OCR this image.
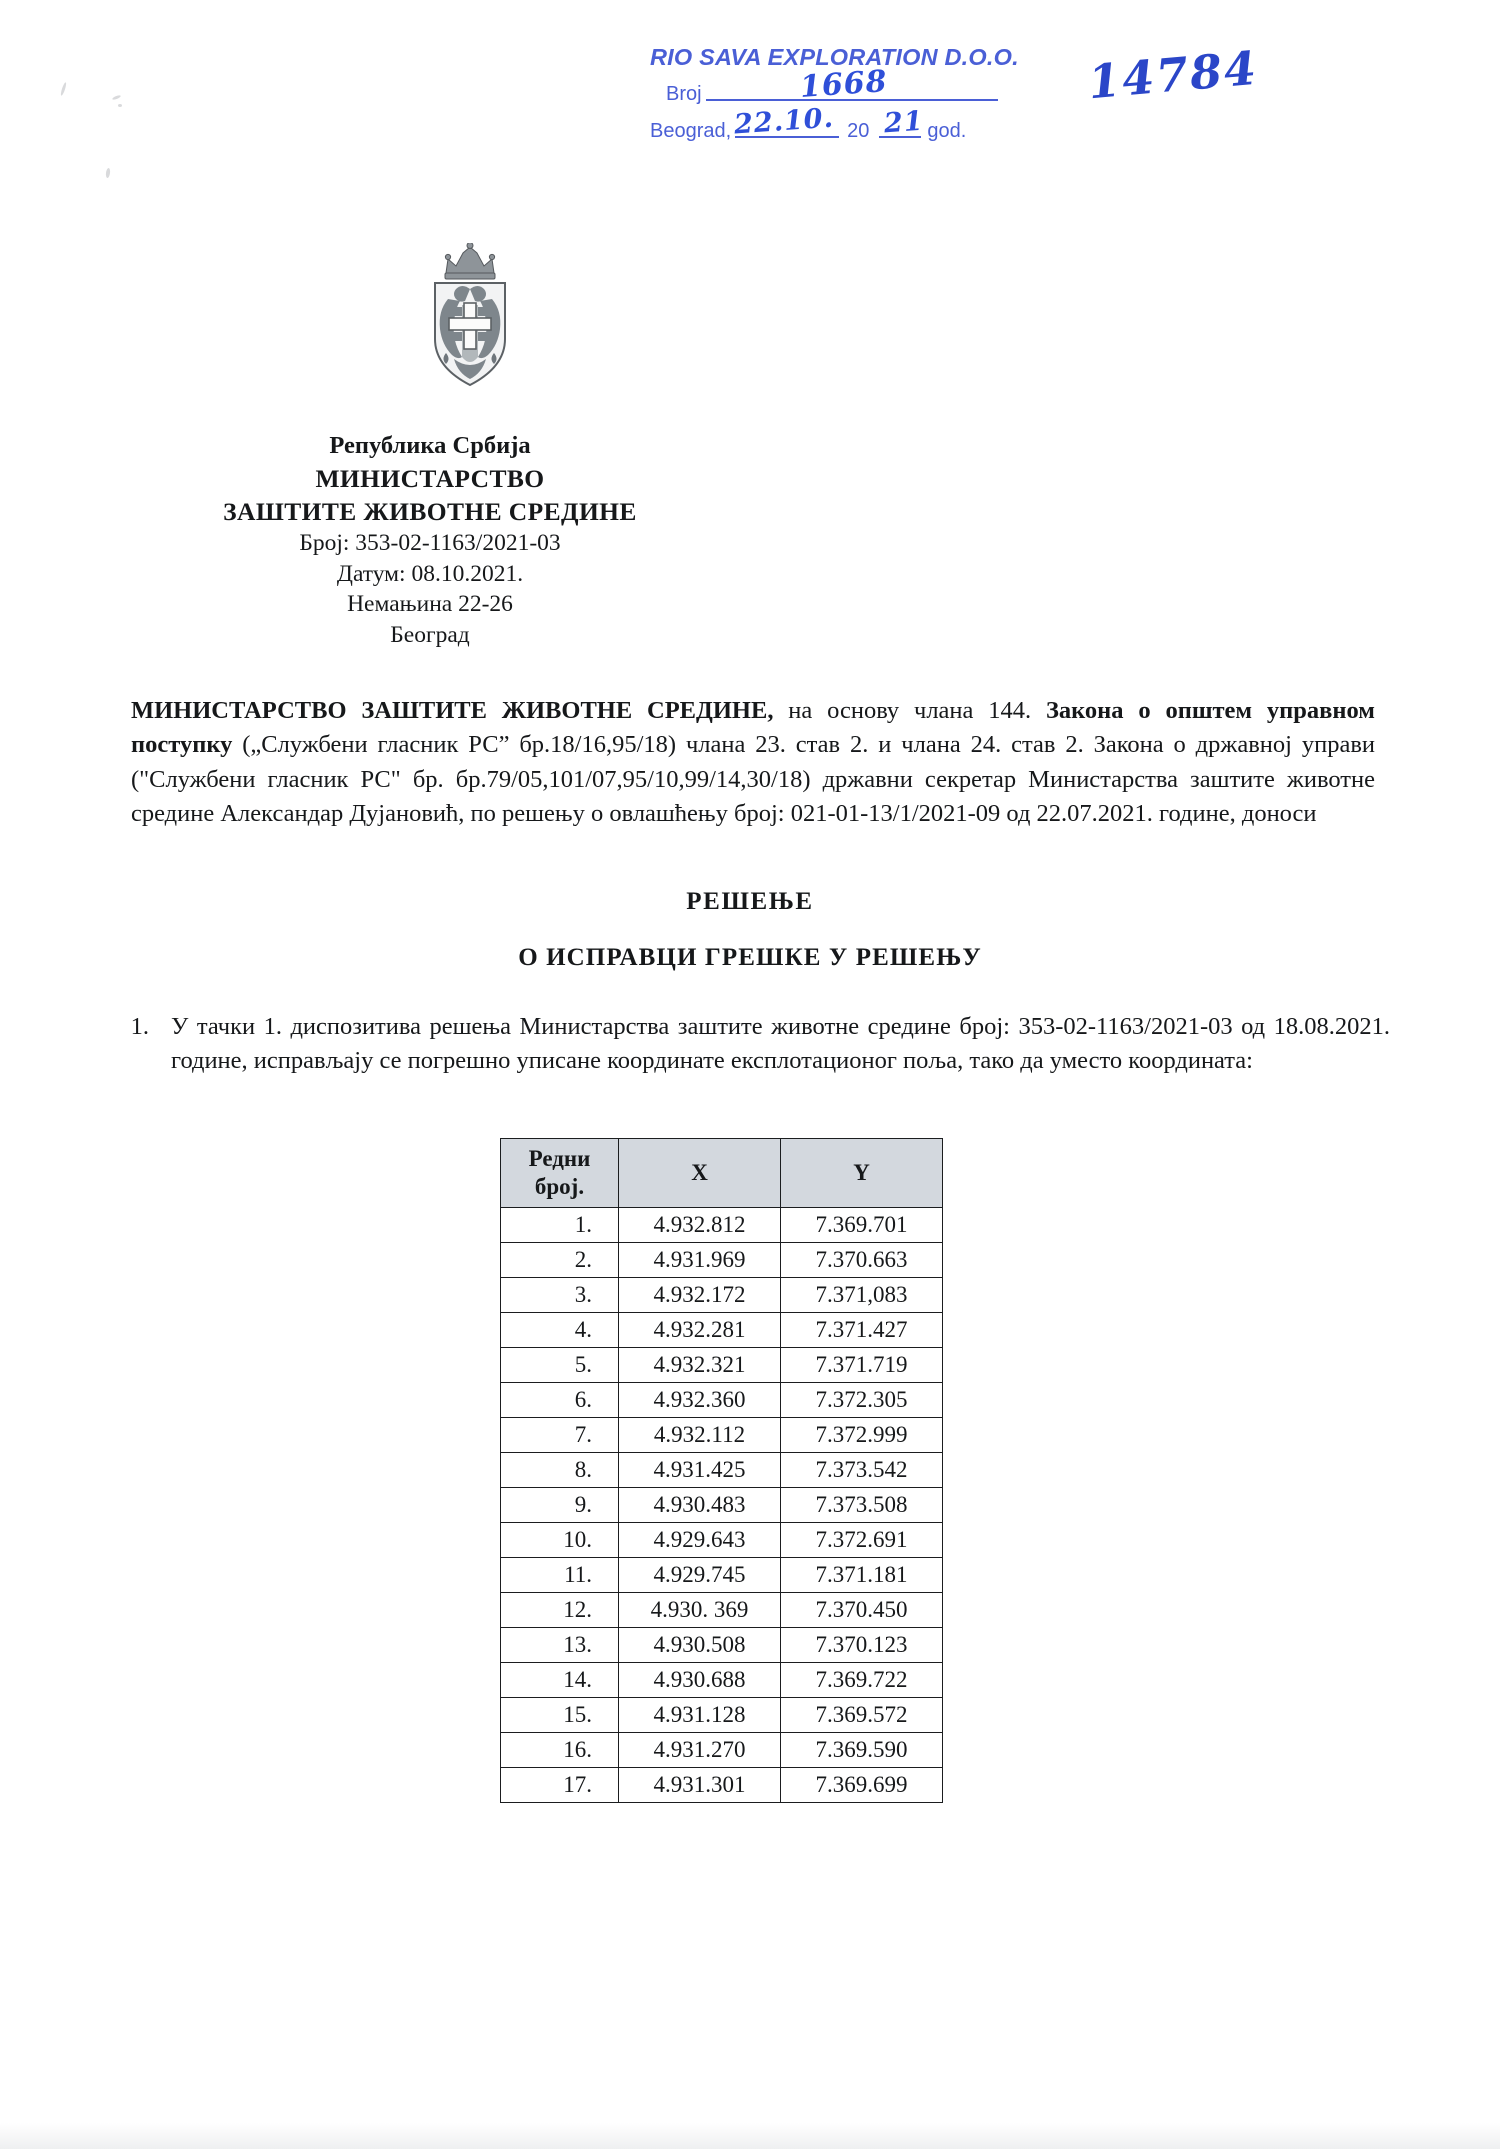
RIO SAVA EXPLORATION D.O.O.
Broj	1668
Beograd,	20	god.
22.10. 21
14784
Република Србија
МИНИСТАРСТВО
ЗАШТИТЕ ЖИВОТНЕ СРЕДИНЕ
Број: 353-02-1163/2021-03
Датум: 08.10.2021.
Немањина 22-26
Београд
МИНИСТАРСТВО ЗАШТИТЕ ЖИВОТНЕ СРЕДИНЕ, на основу члана 144. Закона о општем управном поступку („Службени гласник РС” бр.18/16,95/18) члана 23. став 2. и члана 24. став 2. Закона о државној управи ("Службени гласник РС" бр. бр.79/05,101/07,95/10,99/14,30/18) државни секретар Министарства заштите животне средине Александар Дујановић, по решењу о овлашћењу број: 021-01-13/1/2021-09 од 22.07.2021. године, доноси
РЕШЕЊЕ
О ИСПРАВЦИ ГРЕШКЕ У РЕШЕЊУ
1. У тачки 1. диспозитива решења Министарства заштите животне средине број: 353-02-1163/2021-03 од 18.08.2021. године, исправљају се погрешно уписане координате експлотационог поља, тако да уместо координата:
Редни
број.	X	Y
1.	4.932.812	7.369.701
2.	4.931.969	7.370.663
3.	4.932.172	7.371,083
4.	4.932.281	7.371.427
5.	4.932.321	7.371.719
6.	4.932.360	7.372.305
7.	4.932.112	7.372.999
8.	4.931.425	7.373.542
9.	4.930.483	7.373.508
10.	4.929.643	7.372.691
11.	4.929.745	7.371.181
12.	4.930. 369	7.370.450
13.	4.930.508	7.370.123
14.	4.930.688	7.369.722
15.	4.931.128	7.369.572
16.	4.931.270	7.369.590
17.	4.931.301	7.369.699
